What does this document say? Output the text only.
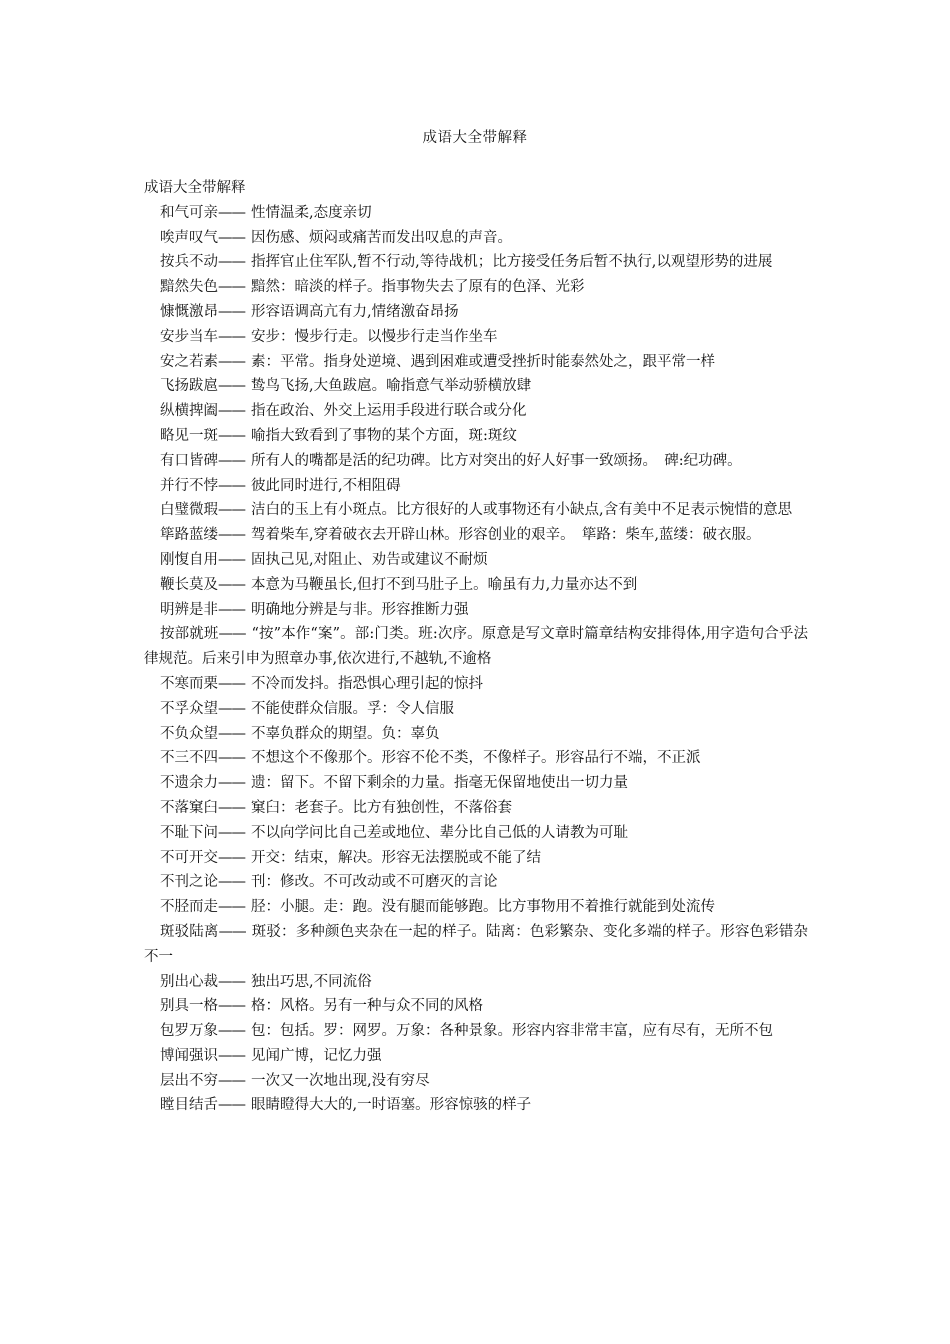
成语大全带解释

成语大全带解释

和气可亲—— 性情温柔,态度亲切

唉声叹气—— 因伤感、烦闷或痛苦而发出叹息的声音。

按兵不动—— 指挥官止住军队,暂不行动,等待战机；比方接受任务后暂不执行,以观望形势的进展

黯然失色—— 黯然：暗淡的样子。指事物失去了原有的色泽、光彩

慷慨激昂—— 形容语调高亢有力,情绪激奋昂扬

安步当车—— 安步：慢步行走。以慢步行走当作坐车

安之若素—— 素：平常。指身处逆境、遇到困难或遭受挫折时能泰然处之，跟平常一样

飞扬跋扈—— 鸷鸟飞扬,大鱼跋扈。喻指意气举动骄横放肆

纵横捭阖—— 指在政治、外交上运用手段进行联合或分化

略见一斑—— 喻指大致看到了事物的某个方面，斑:斑纹

有口皆碑—— 所有人的嘴都是活的纪功碑。比方对突出的好人好事一致颂扬。　碑:纪功碑。

并行不悖—— 彼此同时进行,不相阻碍

白璧微瑕—— 洁白的玉上有小斑点。比方很好的人或事物还有小缺点,含有美中不足表示惋惜的意思

筚路蓝缕—— 驾着柴车,穿着破衣去开辟山林。形容创业的艰辛。　筚路：柴车,蓝缕：破衣服。

刚愎自用—— 固执己见,对阻止、劝告或建议不耐烦

鞭长莫及—— 本意为马鞭虽长,但打不到马肚子上。喻虽有力,力量亦达不到

明辨是非—— 明确地分辨是与非。形容推断力强

按部就班—— “按”本作“案”。部:门类。班:次序。原意是写文章时篇章结构安排得体,用字造句合乎法律规范。后来引申为照章办事,依次进行,不越轨,不逾格

不寒而栗—— 不冷而发抖。指恐惧心理引起的惊抖

不孚众望—— 不能使群众信服。孚：令人信服

不负众望—— 不辜负群众的期望。负：辜负

不三不四—— 不想这个不像那个。形容不伦不类，不像样子。形容品行不端，不正派

不遗余力—— 遗：留下。不留下剩余的力量。指毫无保留地使出一切力量

不落窠臼—— 窠臼：老套子。比方有独创性，不落俗套

不耻下问—— 不以向学问比自己差或地位、辈分比自己低的人请教为可耻

不可开交—— 开交：结束，解决。形容无法摆脱或不能了结

不刊之论—— 刊：修改。不可改动或不可磨灭的言论

不胫而走—— 胫：小腿。走：跑。没有腿而能够跑。比方事物用不着推行就能到处流传

斑驳陆离—— 斑驳：多种颜色夹杂在一起的样子。陆离：色彩繁杂、变化多端的样子。形容色彩错杂不一

别出心裁—— 独出巧思,不同流俗

别具一格—— 格：风格。另有一种与众不同的风格

包罗万象—— 包：包括。罗：网罗。万象：各种景象。形容内容非常丰富，应有尽有，无所不包

博闻强识—— 见闻广博，记忆力强

层出不穷—— 一次又一次地出现,没有穷尽

瞠目结舌—— 眼睛瞪得大大的,一时语塞。形容惊骇的样子
